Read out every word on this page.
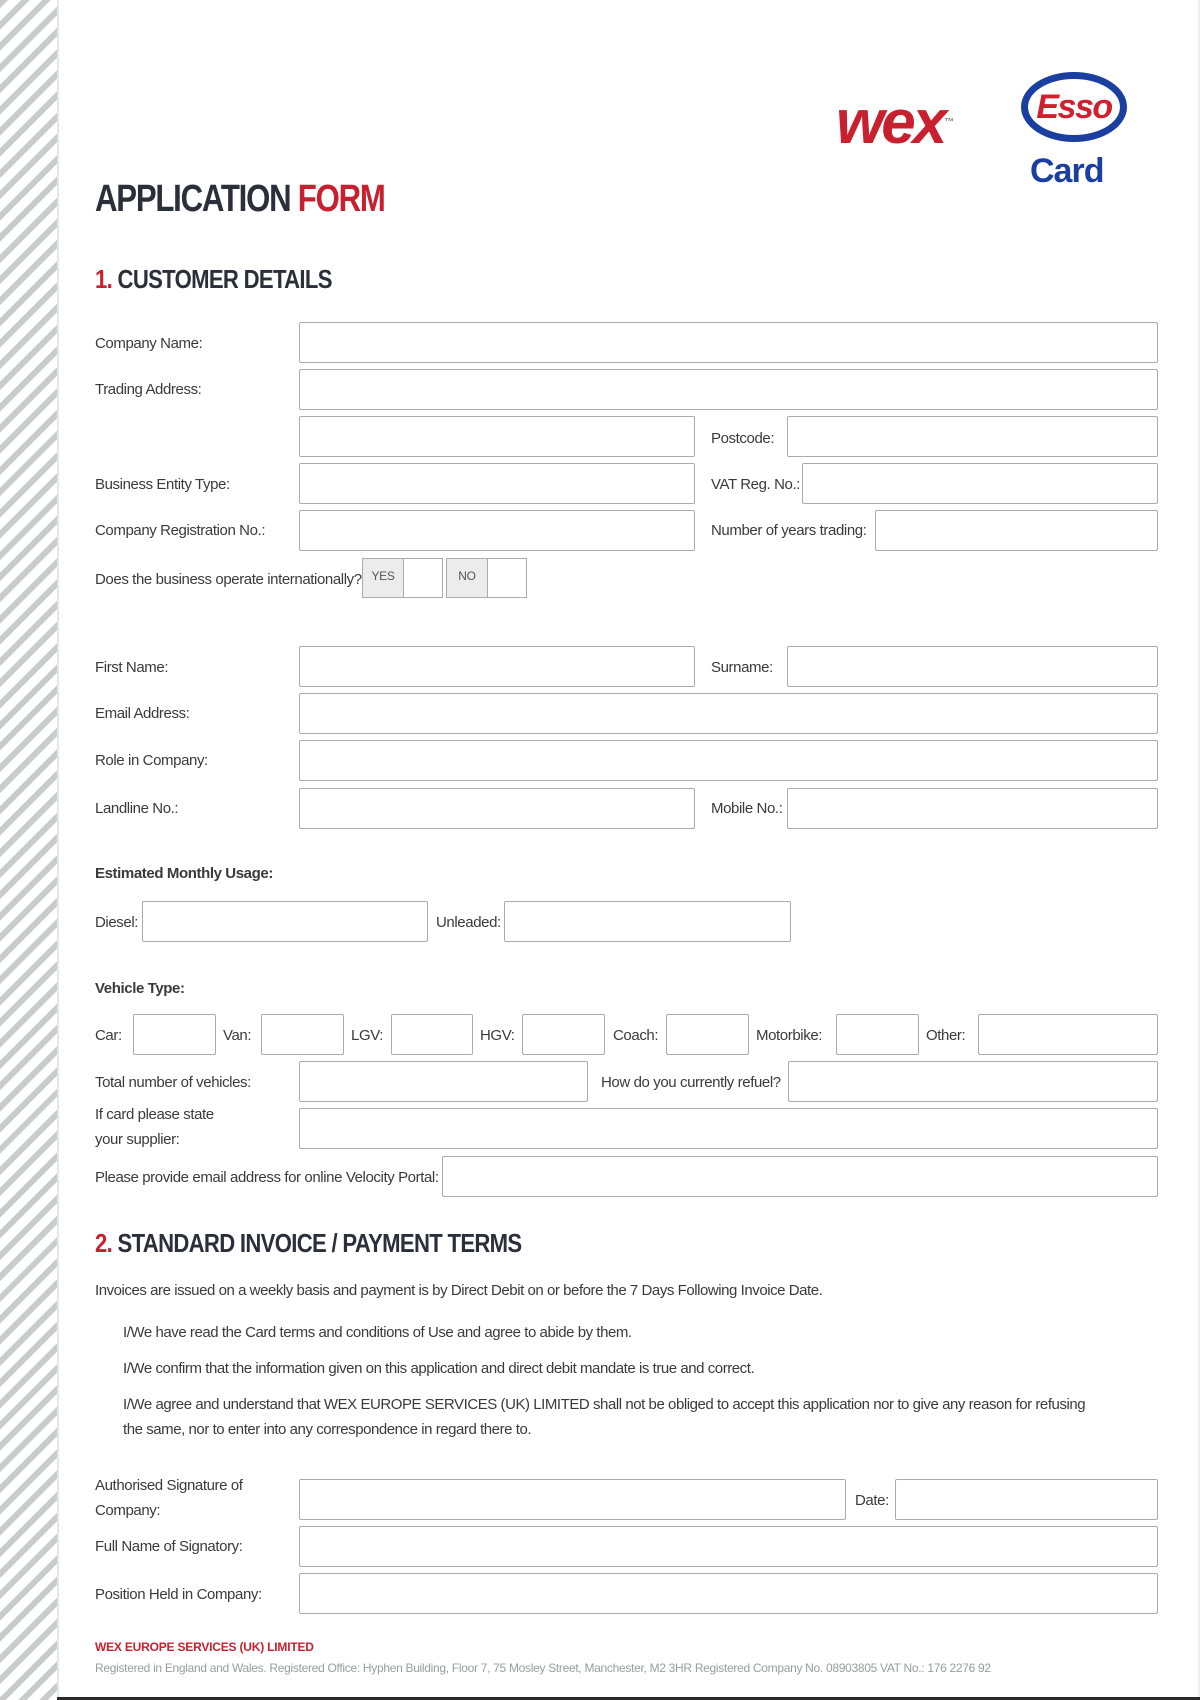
wex™	Esso
Card
APPLICATION FORM
1. CUSTOMER DETAILS
Company Name:
Trading Address:
Postcode:
Business Entity Type:	VAT Reg. No.:
Company Registration No.:	Number of years trading:
Does the business operate internationally? YES	NO
First Name:	Surname:
Email Address:
Role in Company:
Landline No.:	Mobile No.:
Estimated Monthly Usage:
Diesel:	Unleaded:
Vehicle Type:
Car:	Van:	LGV:	HGV:	Coach:	Motorbike:	Other:
Total number of vehicles:	How do you currently refuel?
If card please state
your supplier:
Please provide email address for online Velocity Portal:
2. STANDARD INVOICE / PAYMENT TERMS
Invoices are issued on a weekly basis and payment is by Direct Debit on or before the 7 Days Following Invoice Date.
I/We have read the Card terms and conditions of Use and agree to abide by them.
I/We confirm that the information given on this application and direct debit mandate is true and correct.
I/We agree and understand that WEX EUROPE SERVICES (UK) LIMITED shall not be obliged to accept this application nor to give any reason for refusing the same, nor to enter into any correspondence in regard there to.
Authorised Signature of
Company:
Date:
Full Name of Signatory:
Position Held in Company:
WEX EUROPE SERVICES (UK) LIMITED
Registered in England and Wales. Registered Office: Hyphen Building, Floor 7, 75 Mosley Street, Manchester, M2 3HR Registered Company No. 08903805 VAT No.: 176 2276 92
